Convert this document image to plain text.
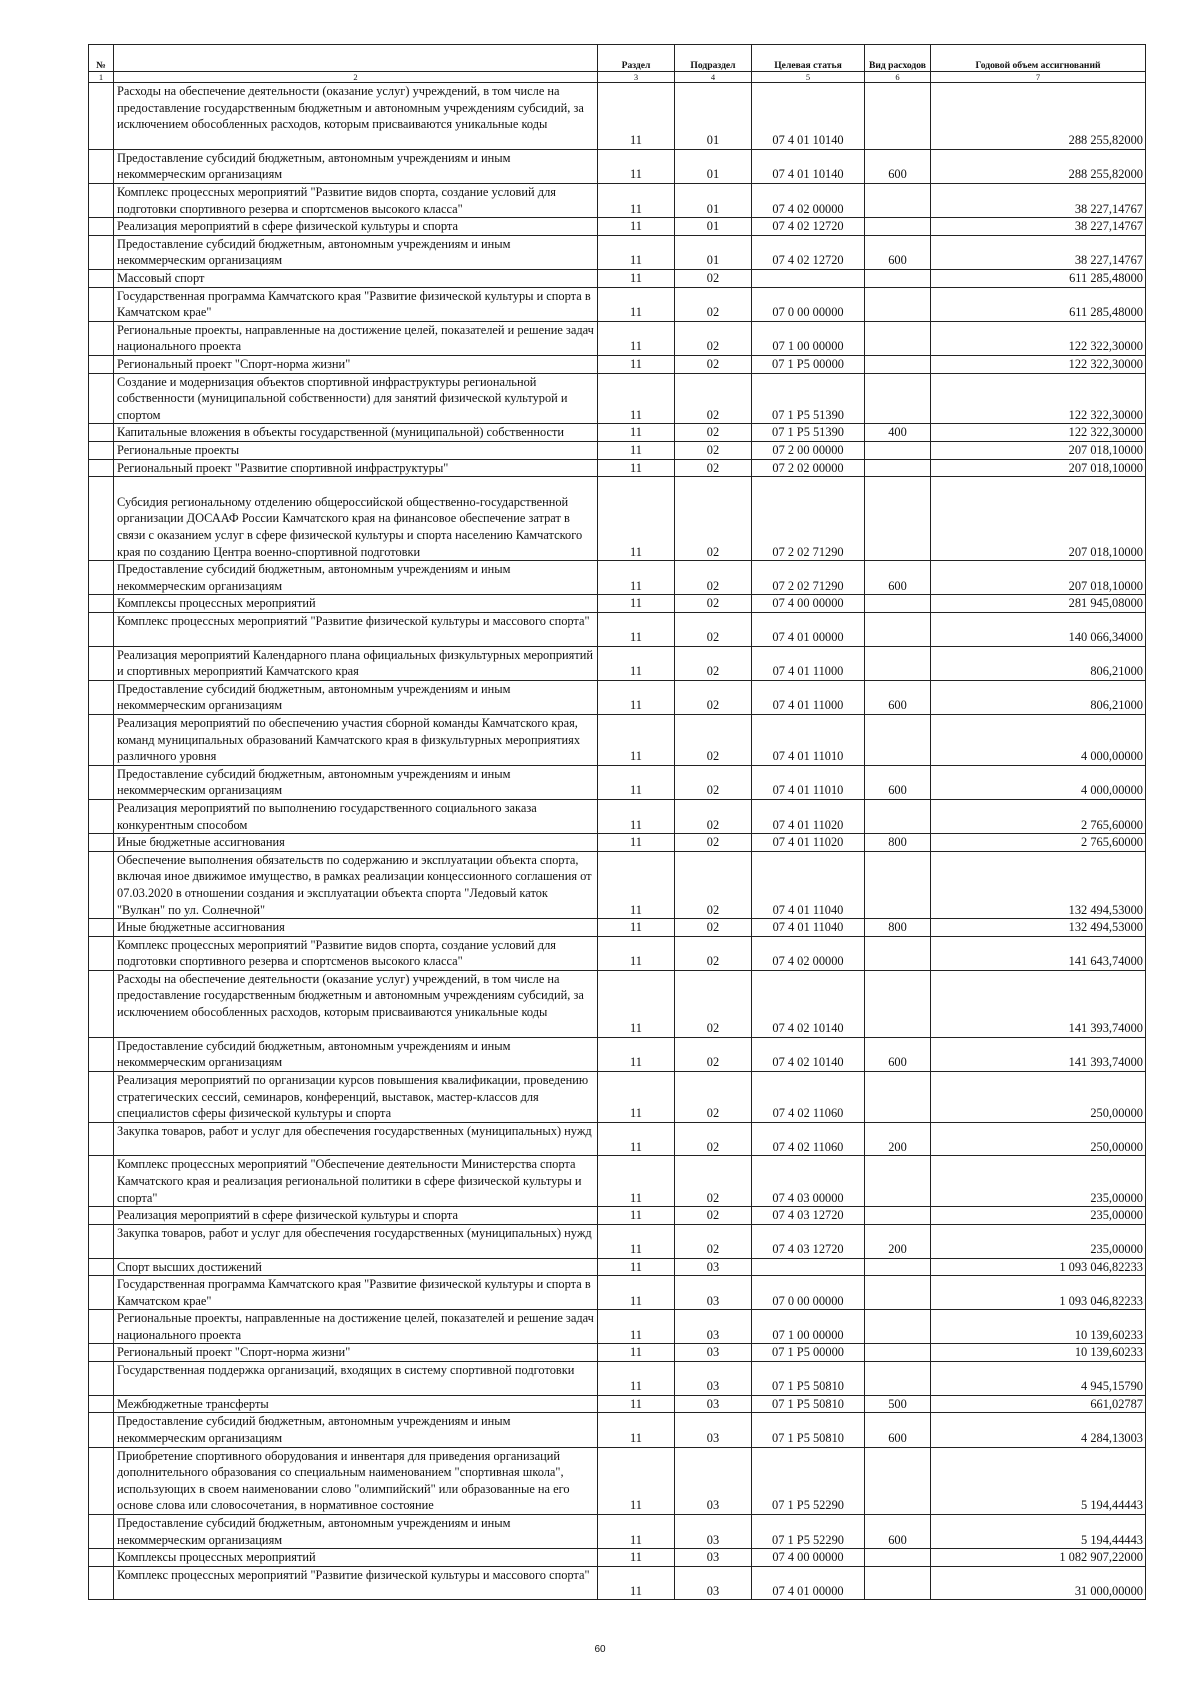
№		Раздел	Подраздел	Целевая статья	Вид расходов	Годовой объем ассигнований
1	2	3	4	5	6	7
	Расходы на обеспечение деятельности (оказание услуг) учреждений, в том числе на предоставление государственным бюджетным и автономным учреждениям субсидий, за исключением обособленных расходов, которым присваиваются уникальные коды	11	01	07 4 01 10140		288 255,82000
	Предоставление субсидий бюджетным, автономным учреждениям и иным некоммерческим организациям	11	01	07 4 01 10140	600	288 255,82000
	Комплекс процессных мероприятий "Развитие видов спорта, создание условий для подготовки спортивного резерва и спортсменов высокого класса"	11	01	07 4 02 00000		38 227,14767
	Реализация мероприятий в сфере физической культуры и спорта	11	01	07 4 02 12720		38 227,14767
	Предоставление субсидий бюджетным, автономным учреждениям и иным некоммерческим организациям	11	01	07 4 02 12720	600	38 227,14767
	Массовый спорт	11	02			611 285,48000
	Государственная программа Камчатского края "Развитие физической культуры и спорта в Камчатском крае"	11	02	07 0 00 00000		611 285,48000
	Региональные проекты, направленные на достижение целей, показателей и решение задач национального проекта	11	02	07 1 00 00000		122 322,30000
	Региональный проект "Спорт-норма жизни"	11	02	07 1 P5 00000		122 322,30000
	Создание и модернизация объектов спортивной инфраструктуры региональной собственности (муниципальной собственности) для занятий физической культурой и спортом	11	02	07 1 P5 51390		122 322,30000
	Капитальные вложения в объекты государственной (муниципальной) собственности	11	02	07 1 P5 51390	400	122 322,30000
	Региональные проекты	11	02	07 2 00 00000		207 018,10000
	Региональный проект "Развитие спортивной инфраструктуры"	11	02	07 2 02 00000		207 018,10000
	Субсидия региональному отделению общероссийской общественно-государственной организации ДОСААФ России Камчатского края на финансовое обеспечение затрат в связи с оказанием услуг в сфере физической культуры и спорта населению Камчатского края по созданию Центра военно-спортивной подготовки	11	02	07 2 02 71290		207 018,10000
	Предоставление субсидий бюджетным, автономным учреждениям и иным некоммерческим организациям	11	02	07 2 02 71290	600	207 018,10000
	Комплексы процессных мероприятий	11	02	07 4 00 00000		281 945,08000
	Комплекс процессных мероприятий "Развитие физической культуры и массового спорта"	11	02	07 4 01 00000		140 066,34000
	Реализация мероприятий Календарного плана официальных физкультурных мероприятий и спортивных мероприятий Камчатского края	11	02	07 4 01 11000		806,21000
	Предоставление субсидий бюджетным, автономным учреждениям и иным некоммерческим организациям	11	02	07 4 01 11000	600	806,21000
	Реализация мероприятий по обеспечению участия сборной команды Камчатского края, команд муниципальных образований Камчатского края в физкультурных мероприятиях различного уровня	11	02	07 4 01 11010		4 000,00000
	Предоставление субсидий бюджетным, автономным учреждениям и иным некоммерческим организациям	11	02	07 4 01 11010	600	4 000,00000
	Реализация мероприятий по выполнению государственного социального заказа конкурентным способом	11	02	07 4 01 11020		2 765,60000
	Иные бюджетные ассигнования	11	02	07 4 01 11020	800	2 765,60000
	Обеспечение выполнения обязательств по содержанию и эксплуатации объекта спорта, включая иное движимое имущество, в рамках реализации концессионного соглашения от 07.03.2020 в отношении создания и эксплуатации объекта спорта "Ледовый каток "Вулкан" по ул. Солнечной"	11	02	07 4 01 11040		132 494,53000
	Иные бюджетные ассигнования	11	02	07 4 01 11040	800	132 494,53000
	Комплекс процессных мероприятий "Развитие видов спорта, создание условий для подготовки спортивного резерва и спортсменов высокого класса"	11	02	07 4 02 00000		141 643,74000
	Расходы на обеспечение деятельности (оказание услуг) учреждений, в том числе на предоставление государственным бюджетным и автономным учреждениям субсидий, за исключением обособленных расходов, которым присваиваются уникальные коды	11	02	07 4 02 10140		141 393,74000
	Предоставление субсидий бюджетным, автономным учреждениям и иным некоммерческим организациям	11	02	07 4 02 10140	600	141 393,74000
	Реализация мероприятий по организации курсов повышения квалификации, проведению стратегических сессий, семинаров, конференций, выставок, мастер-классов для специалистов сферы физической культуры и спорта	11	02	07 4 02 11060		250,00000
	Закупка товаров, работ и услуг для обеспечения государственных (муниципальных) нужд	11	02	07 4 02 11060	200	250,00000
	Комплекс процессных мероприятий "Обеспечение деятельности Министерства спорта Камчатского края и реализация региональной политики в сфере физической культуры и спорта"	11	02	07 4 03 00000		235,00000
	Реализация мероприятий в сфере физической культуры и спорта	11	02	07 4 03 12720		235,00000
	Закупка товаров, работ и услуг для обеспечения государственных (муниципальных) нужд	11	02	07 4 03 12720	200	235,00000
	Спорт высших достижений	11	03			1 093 046,82233
	Государственная программа Камчатского края "Развитие физической культуры и спорта в Камчатском крае"	11	03	07 0 00 00000		1 093 046,82233
	Региональные проекты, направленные на достижение целей, показателей и решение задач национального проекта	11	03	07 1 00 00000		10 139,60233
	Региональный проект "Спорт-норма жизни"	11	03	07 1 P5 00000		10 139,60233
	Государственная поддержка организаций, входящих в систему спортивной подготовки	11	03	07 1 P5 50810		4 945,15790
	Межбюджетные трансферты	11	03	07 1 P5 50810	500	661,02787
	Предоставление субсидий бюджетным, автономным учреждениям и иным некоммерческим организациям	11	03	07 1 P5 50810	600	4 284,13003
	Приобретение спортивного оборудования и инвентаря для приведения организаций дополнительного образования со специальным наименованием "спортивная школа", использующих в своем наименовании слово "олимпийский" или образованные на его основе слова или словосочетания, в нормативное состояние	11	03	07 1 P5 52290		5 194,44443
	Предоставление субсидий бюджетным, автономным учреждениям и иным некоммерческим организациям	11	03	07 1 P5 52290	600	5 194,44443
	Комплексы процессных мероприятий	11	03	07 4 00 00000		1 082 907,22000
	Комплекс процессных мероприятий "Развитие физической культуры и массового спорта"	11	03	07 4 01 00000		31 000,00000
60
